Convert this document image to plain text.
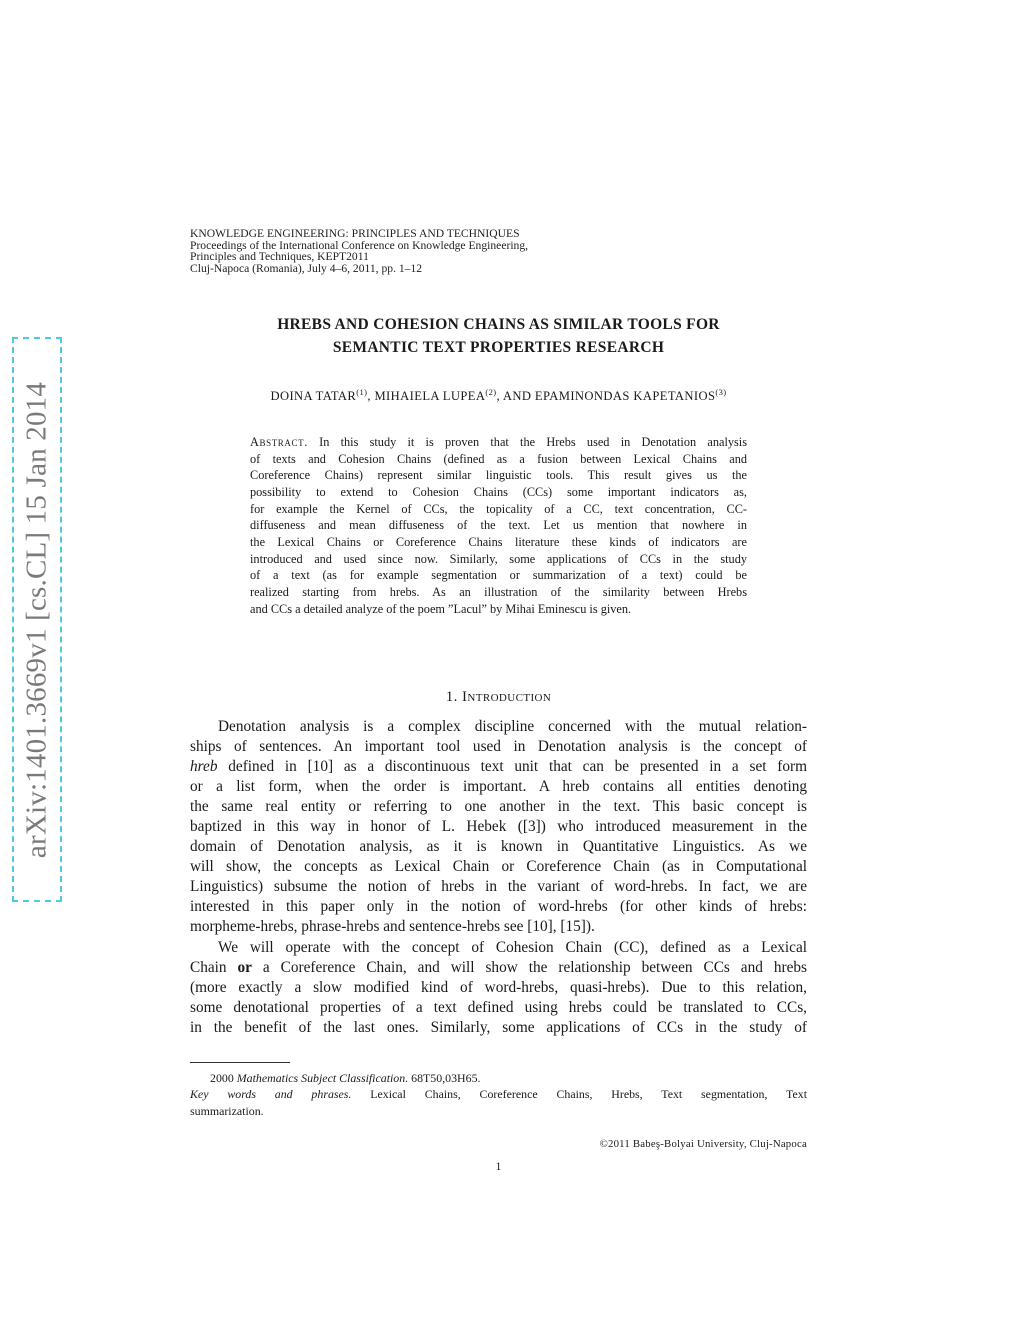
arXiv:1401.3669v1 [cs.CL] 15 Jan 2014
KNOWLEDGE ENGINEERING: PRINCIPLES AND TECHNIQUES
Proceedings of the International Conference on Knowledge Engineering,
Principles and Techniques, KEPT2011
Cluj-Napoca (Romania), July 4–6, 2011, pp. 1–12
HREBS AND COHESION CHAINS AS SIMILAR TOOLS FOR
SEMANTIC TEXT PROPERTIES RESEARCH
DOINA TATAR$^{(1)}$, MIHAIELA LUPEA$^{(2)}$, AND EPAMINONDAS KAPETANIOS$^{(3)}$
Abstract. In this study it is proven that the Hrebs used in Denotation analysis
of texts and Cohesion Chains (defined as a fusion between Lexical Chains and
Coreference Chains) represent similar linguistic tools. This result gives us the
possibility to extend to Cohesion Chains (CCs) some important indicators as,
for example the Kernel of CCs, the topicality of a CC, text concentration, CC-
diffuseness and mean diffuseness of the text. Let us mention that nowhere in
the Lexical Chains or Coreference Chains literature these kinds of indicators are
introduced and used since now. Similarly, some applications of CCs in the study
of a text (as for example segmentation or summarization of a text) could be
realized starting from hrebs. As an illustration of the similarity between Hrebs
and CCs a detailed analyze of the poem ”Lacul” by Mihai Eminescu is given.
1. Introduction
Denotation analysis is a complex discipline concerned with the mutual relation-
ships of sentences. An important tool used in Denotation analysis is the concept of
hreb defined in [10] as a discontinuous text unit that can be presented in a set form
or a list form, when the order is important. A hreb contains all entities denoting
the same real entity or referring to one another in the text. This basic concept is
baptized in this way in honor of L. Hebek ([3]) who introduced measurement in the
domain of Denotation analysis, as it is known in Quantitative Linguistics. As we
will show, the concepts as Lexical Chain or Coreference Chain (as in Computational
Linguistics) subsume the notion of hrebs in the variant of word-hrebs. In fact, we are
interested in this paper only in the notion of word-hrebs (for other kinds of hrebs:
morpheme-hrebs, phrase-hrebs and sentence-hrebs see [10], [15]).
We will operate with the concept of Cohesion Chain (CC), defined as a Lexical
Chain or a Coreference Chain, and will show the relationship between CCs and hrebs
(more exactly a slow modified kind of word-hrebs, quasi-hrebs). Due to this relation,
some denotational properties of a text defined using hrebs could be translated to CCs,
in the benefit of the last ones. Similarly, some applications of CCs in the study of
2000 Mathematics Subject Classification. 68T50,03H65.
Key words and phrases. Lexical Chains, Coreference Chains, Hrebs, Text segmentation, Text
summarization.
©2011 Babeş-Bolyai University, Cluj-Napoca
1
